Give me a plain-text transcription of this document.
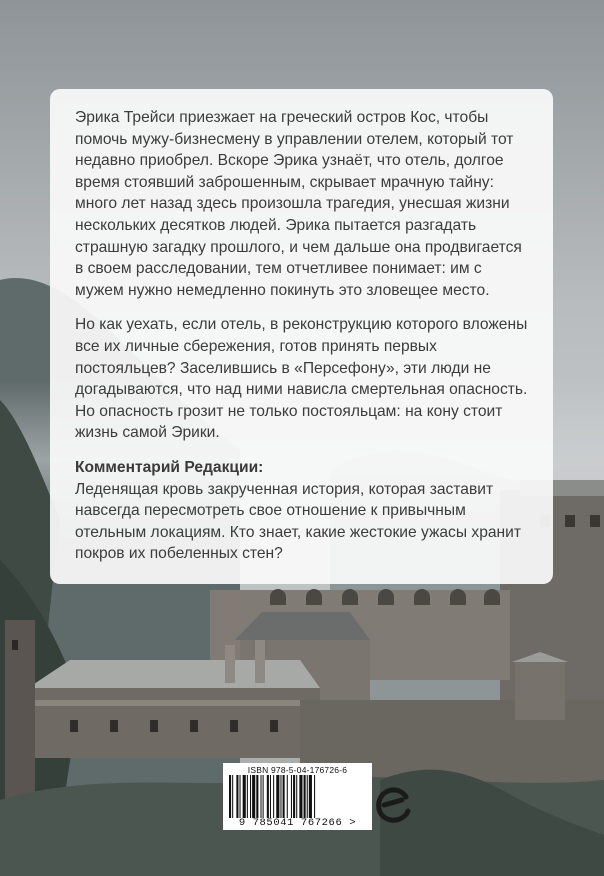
Эрика Трейси приезжает на греческий остров Кос, чтобы помочь мужу-бизнесмену в управлении отелем, который тот недавно приобрел. Вскоре Эрика узнаёт, что отель, долгое время стоявший заброшенным, скрывает мрачную тайну: много лет назад здесь произошла трагедия, унесшая жизни нескольких десятков людей. Эрика пытается разгадать страшную загадку прошлого, и чем дальше она продвигается в своем расследовании, тем отчетливее понимает: им с мужем нужно немедленно покинуть это зловещее место.

Но как уехать, если отель, в реконструкцию которого вложены все их личные сбережения, готов принять первых постояльцев? Заселившись в «Персефону», эти люди не догадываются, что над ними нависла смертельная опасность. Но опасность грозит не только постояльцам: на кону стоит жизнь самой Эрики.

Комментарий Редакции:

Леденящая кровь закрученная история, которая заставит навсегда пересмотреть свое отношение к привычным отельным локациям. Кто знает, какие жестокие ужасы хранит покров их побеленных стен?

ISBN 978-5-04-176726-6
9 785041 767266 >
